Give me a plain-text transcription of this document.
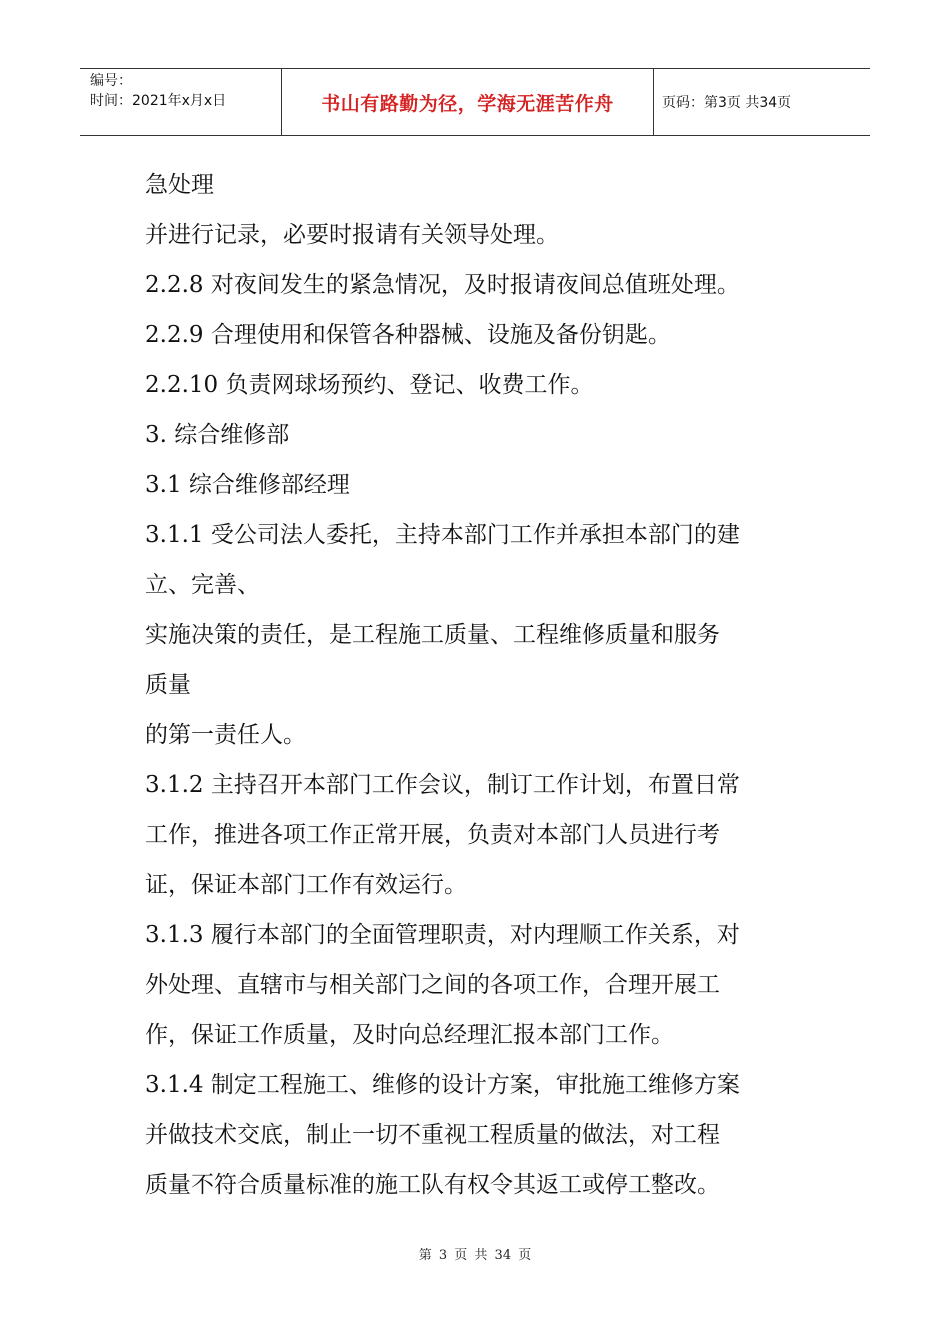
编号：
时间：2021年x月x日	书山有路勤为径，学海无涯苦作舟	页码：第3页 共34页
急处理
并进行记录，必要时报请有关领导处理。
2.2.8 对夜间发生的紧急情况，及时报请夜间总值班处理。
2.2.9 合理使用和保管各种器械、设施及备份钥匙。
2.2.10 负责网球场预约、登记、收费工作。
3. 综合维修部
3.1 综合维修部经理
3.1.1 受公司法人委托，主持本部门工作并承担本部门的建
立、完善、
实施决策的责任，是工程施工质量、工程维修质量和服务
质量
的第一责任人。
3.1.2 主持召开本部门工作会议，制订工作计划，布置日常
工作，推进各项工作正常开展，负责对本部门人员进行考
证，保证本部门工作有效运行。
3.1.3 履行本部门的全面管理职责，对内理顺工作关系，对
外处理、直辖市与相关部门之间的各项工作，合理开展工
作，保证工作质量，及时向总经理汇报本部门工作。
3.1.4 制定工程施工、维修的设计方案，审批施工维修方案
并做技术交底，制止一切不重视工程质量的做法，对工程
质量不符合质量标准的施工队有权令其返工或停工整改。
第 3 页 共 34 页
